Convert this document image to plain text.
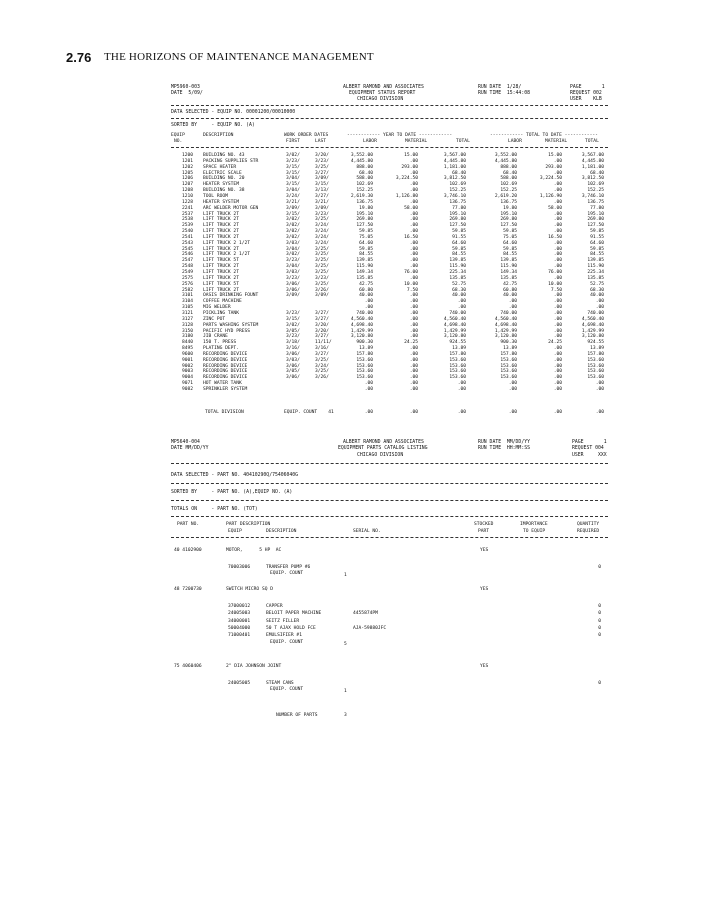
2.76 THE HORIZONS OF MAINTENANCE MANAGEMENT
MP5960-003
DATE  5/09/
ALBERT RAMOND AND ASSOCIATES
EQUIPMENT STATUS REPORT
CHICAGO DIVISION
RUN DATE  1/28/
RUN TIME  15:44:08
PAGE       1
REQUEST 002
USER    KLB
DATA SELECTED - EQUIP NO. 00001200/00010000
SORTED BY     - EQUIP NO. (A)
EQUIP
NO.
DESCRIPTION	WORK ORDER DATES
FIRST	LAST
------------ YEAR TO DATE ------------
LABOR	MATERIAL	TOTAL
------------ TOTAL TO DATE ------------
LABOR	MATERIAL	TOTAL
1200 BUILDING NO. 43	3/02/	3/20/	3,552.00	15.00	3,567.00	3,552.00	15.00	3,567.00
1201 PACKING SUPPLIES STR	3/23/	3/23/	4,445.80	.00	4,445.80	4,445.80	.00	4,445.80
1202 SPACE HEATER	3/15/	3/25/	888.00	293.00	1,181.00	888.00	293.00	1,181.00
1205 ELECTRIC SCALE	3/15/	3/27/	68.40	.00	68.40	68.40	.00	68.40
1206 BUILDING NO. 20	3/04/	3/09/	588.00	3,224.50	3,812.50	588.00	3,224.50	3,812.50
1207 HEATER SYSTEM	3/15/	3/15/	102.69	.00	102.69	102.69	.00	102.69
1208 BUILDING NO. 38	3/04/	3/13/	152.25	.00	152.25	152.25	.00	152.25
1210 TOOL ROOM	3/24/	3/27/	2,619.30	1,126.80	3,746.10	2,619.20	1,126.90	3,746.10
1228 HEATER SYSTEM	3/21/	3/21/	136.75	.00	136.75	136.75	.00	136.75
2241 ARC WELDER MOTOR GEN	3/09/	3/09/	19.80	58.00	77.80	19.80	58.00	77.80
2537 LIFT TRUCK 2T	3/15/	3/23/	195.10	.00	195.10	195.10	.00	195.10
2538 LIFT TRUCK 2T	3/02/	3/25/	269.80	.00	269.80	269.80	.00	269.80
2539 LIFT TRUCK 2T	3/02/	3/24/	127.50	.00	127.50	127.50	.00	127.50
2540 LIFT TRUCK 2T	3/02/	3/24/	59.85	.00	59.85	59.85	.00	59.85
2541 LIFT TRUCK 2T	3/02/	3/24/	75.05	16.50	91.55	75.05	16.50	91.55
2543 LIFT TRUCK 2 1/2T	3/03/	3/24/	64.60	.00	64.60	64.60	.00	64.60
2545 LIFT TRUCK 2T	3/04/	3/25/	59.85	.00	59.85	59.85	.00	59.85
2546 LIFT TRUCK 2 1/2T	3/02/	3/25/	84.55	.00	84.55	84.55	.00	84.55
2547 LIFT TRUCK 5T	3/23/	3/25/	139.85	.00	139.85	139.85	.00	139.85
2548 LIFT TRUCK 2T	3/04/	3/25/	115.90	.00	115.90	115.90	.00	115.90
2549 LIFT TRUCK 2T	3/03/	3/25/	149.34	76.00	225.34	149.34	76.00	225.34
2575 LIFT TRUCK 2T	3/23/	3/23/	135.85	.00	135.85	135.85	.00	135.85
2576 LIFT TRUCK 5T	3/06/	3/25/	42.75	10.00	52.75	42.75	10.00	52.75
2582 LIFT TRUCK 2T	3/06/	3/26/	60.80	7.50	68.30	60.80	7.50	68.30
3101 OASIS DRINKING FOUNT	3/09/	3/09/	40.00	.00	40.00	40.00	.00	40.00
3104 COFFEE MACHINE	.00	.00	.00	.00	.00	.00
3105 MIG WELDER	.00	.00	.00	.00	.00	.00
3121 PICKLING TANK	3/23/	3/27/	740.00	.00	740.00	740.00	.00	740.00
3127 ZINC POT	3/15/	3/27/	4,560.40	.00	4,560.40	4,560.40	.00	4,560.40
3128 PARTS WASHING SYSTEM	3/02/	3/20/	4,698.40	.00	4,698.40	4,698.40	.00	4,698.40
3150 PACIFIC HYD PRESS	3/05/	3/20/	1,429.99	.00	1,429.99	1,429.99	.00	1,429.99
3180 JIB CRANE	3/23/	3/27/	3,120.80	.00	3,120.80	3,120.80	.00	3,120.80
8440 150 T. PRESS	3/18/	11/11/	900.30	24.25	924.55	900.30	24.25	924.55
8495 PLATING DEPT.	3/16/	3/16/	13.89	.00	13.89	13.89	.00	13.89
9600 RECORDING DEVICE	3/06/	3/27/	157.80	.00	157.80	157.80	.00	157.80
9001 RECORDING DEVICE	3/03/	3/25/	153.60	.00	153.60	153.60	.00	153.60
9002 RECORDING DEVICE	3/06/	3/24/	153.60	.00	153.60	153.60	.00	153.60
9003 RECORDING DEVICE	3/05/	3/25/	153.60	.00	153.60	153.60	.00	153.60
9004 RECORDING DEVICE	3/06/	3/26/	153.60	.00	153.60	153.60	.00	153.60
9071 HOT WATER TANK	.00	.00	.00	.00	.00	.00
9082 SPRINKLER SYSTEM	.00	.00	.00	.00	.00	.00
TOTAL DIVISION	EQUIP. COUNT    41	.00	.00	.00	.00	.00	.00
MP5640-004
DATE MM/DD/YY
ALBERT RAMOND AND ASSOCIATES
EQUIPMENT PARTS CATALOG LISTING
CHICAGO DIVISION
RUN DATE  MM/DD/YY
RUN TIME  HH:MM:SS
PAGE       1
REQUEST 004
USER     XXX
DATA SELECTED - PART NO. 40410290Q/75406040G
SORTED BY     - PART NO. (A),EQUIP NO. (A)
TOTALS ON     - PART NO. (TOT)
PART NO.	PART DESCRIPTION
EQUIP	DESCRIPTION	SERIAL NO.
STOCKED
PART
IMPORTANCE
TO EQUIP
QUANTITY
REQUIRED
40 4102900	MOTOR,      5 HP  AC	YES
70003006	TRANSFER PUMP #6	0
EQUIP. COUNT	1
48 7200730	SWITCH MICRO SQ D	YES
37000012	CAPPER	0
24005003	BELOIT PAPER MACHINE	4455874PM	0
34000001	SEITZ FILLER	0
50004000	50 T AJAX HOLD FCE	AJA-59880JFC	0
71000401	EMULSIFIER #1	0
EQUIP. COUNT	5
75 4060406	2" DIA JOHNSON JOINT	YES
24005005	STEAM CANS	0
EQUIP. COUNT	1
NUMBER OF PARTS	3
